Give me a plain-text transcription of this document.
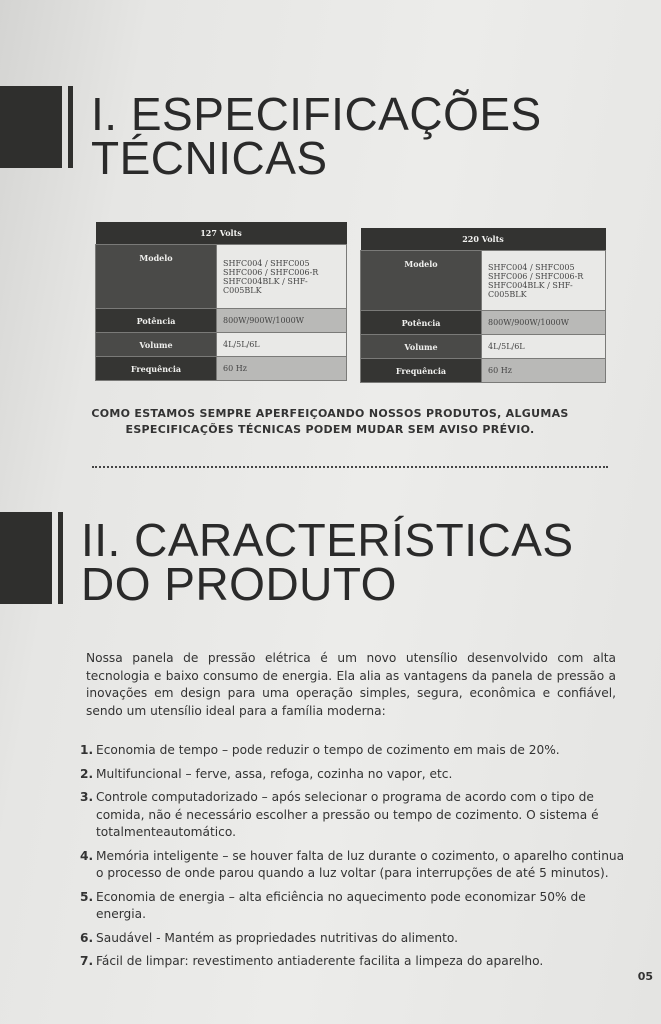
I. ESPECIFICAÇÕES
TÉCNICAS
127 Volts	
Modelo	SHFC004 / SHFC005 SHFC006 / SHFC006-R SHFC004BLK / SHF-C005BLK
Potência	800W/900W/1000W
Volume	4L/5L/6L
Frequência	60 Hz
220 Volts	
Modelo	SHFC004 / SHFC005 SHFC006 / SHFC006-R SHFC004BLK / SHF-C005BLK
Potência	800W/900W/1000W
Volume	4L/5L/6L
Frequência	60 Hz
COMO ESTAMOS SEMPRE APERFEIÇOANDO NOSSOS PRODUTOS, ALGUMAS ESPECIFICAÇÕES TÉCNICAS PODEM MUDAR SEM AVISO PRÉVIO.
II. CARACTERÍSTICAS
DO PRODUTO

Nossa panela de pressão elétrica é um novo utensílio desenvolvido com alta tecnologia e baixo consumo de energia. Ela alia as vantagens da panela de pressão a inovações em design para uma operação simples, segura, econômica e confiável, sendo um utensílio ideal para a família moderna:

1. Economia de tempo – pode reduzir o tempo de cozimento em mais de 20%.
2. Multifuncional – ferve, assa, refoga, cozinha no vapor, etc.
3. Controle computadorizado – após selecionar o programa de acordo com o tipo de comida, não é necessário escolher a pressão ou tempo de cozimento. O sistema é totalmenteautomático.
4. Memória inteligente – se houver falta de luz durante o cozimento, o aparelho continua o processo de onde parou quando a luz voltar (para interrupções de até 5 minutos).
5. Economia de energia – alta eficiência no aquecimento pode economizar 50% de energia.
6. Saudável - Mantém as propriedades nutritivas do alimento.
7. Fácil de limpar: revestimento antiaderente facilita a limpeza do aparelho.
05
